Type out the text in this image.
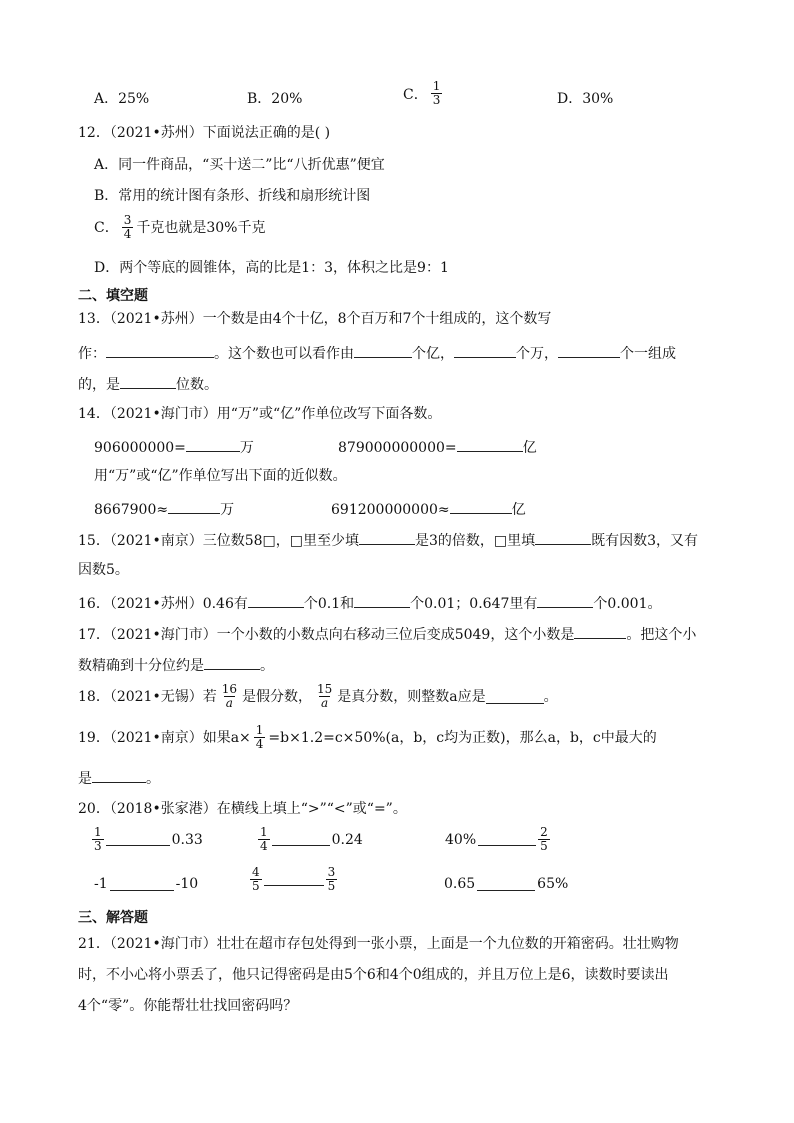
A．25%	B．20%	C． $\frac{1}{3}$	D．30%
12．（2021•苏州）下面说法正确的是( )
A．同一件商品，“买十送二”比“八折优惠”便宜
B．常用的统计图有条形、折线和扇形统计图
C． $\frac{3}{4}$ 千克也就是30%千克
D．两个等底的圆锥体，高的比是1：3，体积之比是9：1
二、填空题
13．（2021•苏州）一个数是由4个十亿，8个百万和7个十组成的，这个数写
作：	。这个数也可以看作由	个亿，	个万，	个一组成
的，是	位数。
14．（2021•海门市）用“万”或“亿”作单位改写下面各数。
906000000=	万	879000000000=	亿
用“万”或“亿”作单位写出下面的近似数。
8667900≈	万	691200000000≈	亿
15．（2021•南京）三位数58□，□里至少填	是3的倍数，□里填	既有因数3，又有
因数5。
16．（2021•苏州）0.46有	个0.1和	个0.01；0.647里有	个0.001。
17．（2021•海门市）一个小数的小数点向右移动三位后变成5049，这个小数是	。把这个小
数精确到十分位约是	。
18．（2021•无锡）若 $\frac{16}{a}$ 是假分数， $\frac{15}{a}$ 是真分数，则整数a应是	。
19．（2021•南京）如果$a\times \frac{1}{4} =b\times 1.2=c\times 50\%(a$，b，c均为正数)，那么a，b，c中最大的
是	。
20．（2018•张家港）在横线上填上“>”“<”或“=”。
$\frac{1}{3}$	0.33	$\frac{1}{4}$	0.24	40%	$\frac{2}{5}$
-1	-10	$\frac{4}{5}$	$\frac{3}{5}$	0.65	65%
三、解答题
21．（2021•海门市）壮壮在超市存包处得到一张小票，上面是一个九位数的开箱密码。壮壮购物
时，不小心将小票丢了，他只记得密码是由5个6和4个0组成的，并且万位上是6，读数时要读出
4个“零”。你能帮壮壮找回密码吗？
